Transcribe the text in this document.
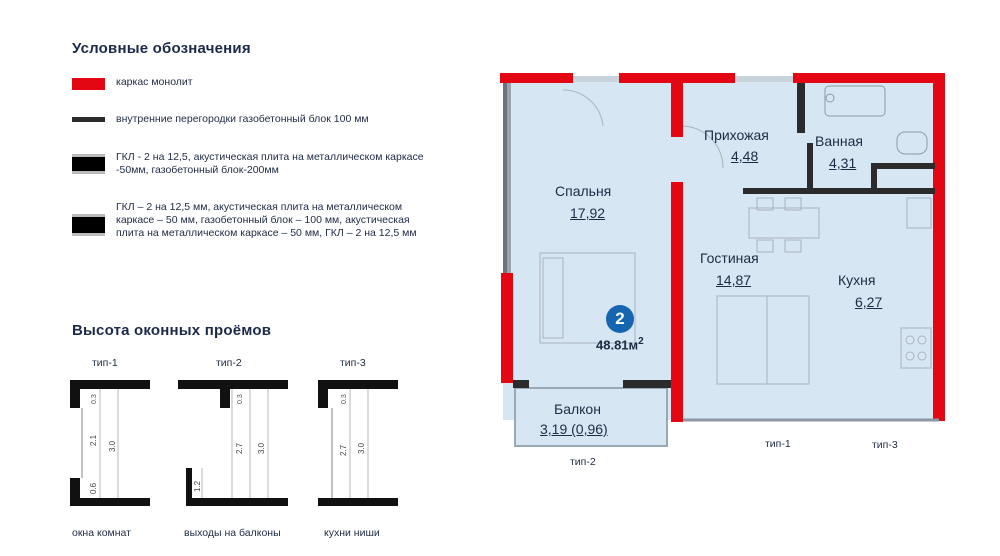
Условные обозначения
каркас монолит
внутренние перегородки газобетонный блок 100 мм
ГКЛ - 2 на 12,5, акустическая плита на металлическом каркасе -50мм, газобетонный блок-200мм
ГКЛ – 2 на 12,5 мм, акустическая плита на металлическом каркасе – 50 мм, газобетонный блок – 100 мм, акустическая плита на металлическом каркасе – 50 мм, ГКЛ – 2 на 12,5 мм
Высота оконных проёмов
тип-1
0.3
2.1
0.6
3.0
окна комнат
тип-2
0.3
2.7
1.2
3.0
выходы на балконы
тип-3
0.3
2.7 3.0
кухни ниши
Спальня
17,92
Прихожая
4,48
Ванная
4,31
Гостиная
14,87	Кухня
6,27
Балкон
3,19 (0,96)
2
$48.81м^2$
тип-1	тип-3
тип-2
